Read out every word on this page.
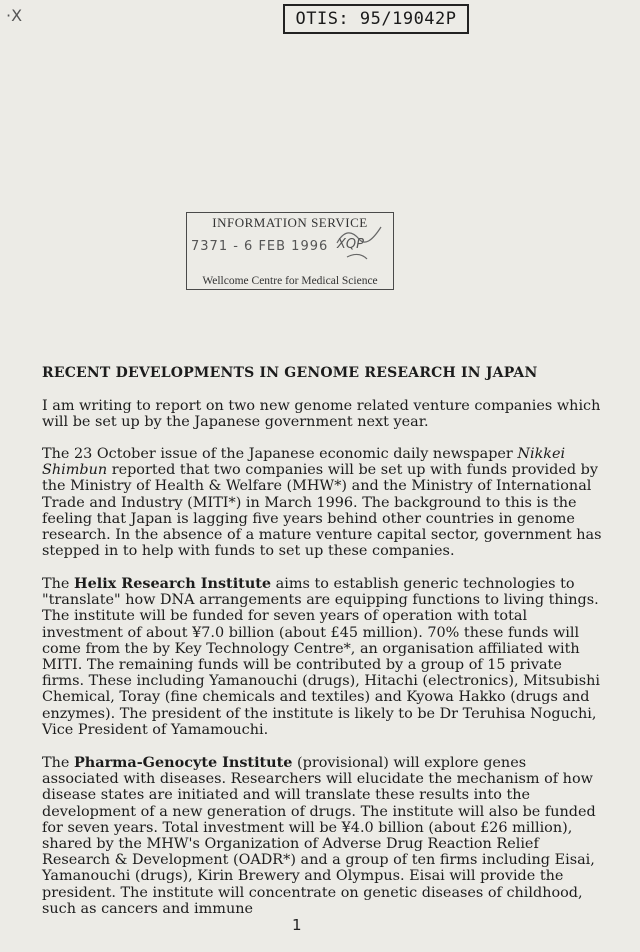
·X	OTIS: 95/19042P
INFORMATION SERVICE
7371 - 6 FEB 1996 XQP
Wellcome Centre for Medical Science
RECENT DEVELOPMENTS IN GENOME RESEARCH IN JAPAN

I am writing to report on two new genome related venture companies which will be set up by the Japanese government next year.

The 23 October issue of the Japanese economic daily newspaper Nikkei Shimbun reported that two companies will be set up with funds provided by the Ministry of Health & Welfare (MHW*) and the Ministry of International Trade and Industry (MITI*) in March 1996. The background to this is the feeling that Japan is lagging five years behind other countries in genome research. In the absence of a mature venture capital sector, government has stepped in to help with funds to set up these companies.

The Helix Research Institute aims to establish generic technologies to "translate" how DNA arrangements are equipping functions to living things. The institute will be funded for seven years of operation with total investment of about ¥7.0 billion (about £45 million). 70% these funds will come from the by Key Technology Centre*, an organisation affiliated with MITI. The remaining funds will be contributed by a group of 15 private firms. These including Yamanouchi (drugs), Hitachi (electronics), Mitsubishi Chemical, Toray (fine chemicals and textiles) and Kyowa Hakko (drugs and enzymes). The president of the institute is likely to be Dr Teruhisa Noguchi, Vice President of Yamamouchi.

The Pharma-Genocyte Institute (provisional) will explore genes associated with diseases. Researchers will elucidate the mechanism of how disease states are initiated and will translate these results into the development of a new generation of drugs. The institute will also be funded for seven years. Total investment will be ¥4.0 billion (about £26 million), shared by the MHW's Organization of Adverse Drug Reaction Relief Research & Development (OADR*) and a group of ten firms including Eisai, Yamanouchi (drugs), Kirin Brewery and Olympus. Eisai will provide the president. The institute will concentrate on genetic diseases of childhood, such as cancers and immune

1
